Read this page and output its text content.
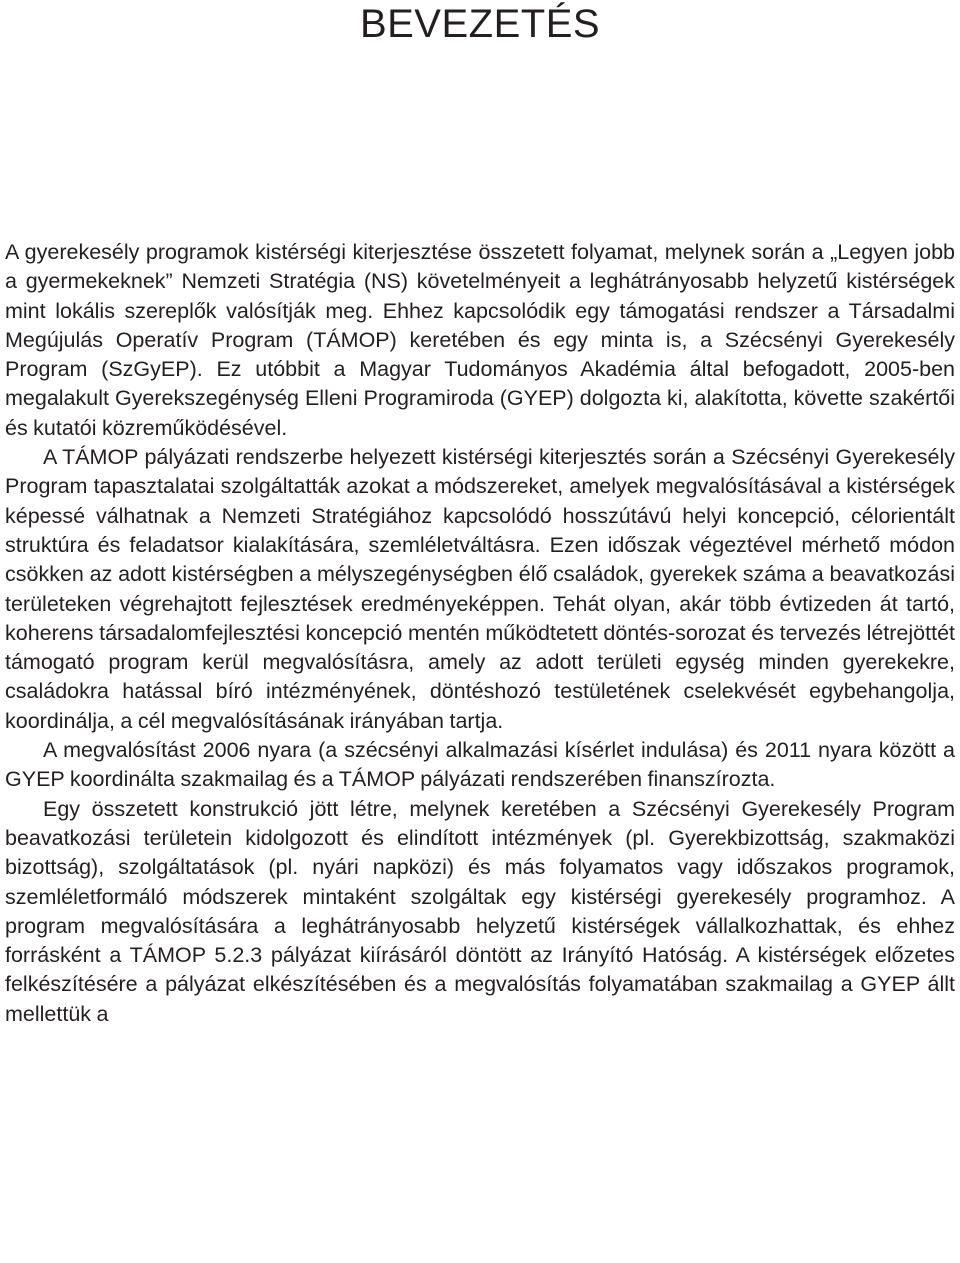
BEVEZETÉS

A gyerekesély programok kistérségi kiterjesztése összetett folyamat, melynek során a „Legyen jobb a gyermekeknek” Nemzeti Stratégia (NS) követelményeit a leghátrányosabb helyzetű kistérségek mint lokális szereplők valósítják meg. Ehhez kapcsolódik egy támogatási rendszer a Társadalmi Megújulás Operatív Program (TÁMOP) keretében és egy minta is, a Szécsényi Gyerekesély Program (SzGyEP). Ez utóbbit a Magyar Tudományos Akadémia által befogadott, 2005-ben megalakult Gyerekszegénység Elleni Programiroda (GYEP) dolgozta ki, alakította, követte szakértői és kutatói közreműködésével.

A TÁMOP pályázati rendszerbe helyezett kistérségi kiterjesztés során a Szécsényi Gyerekesély Program tapasztalatai szolgáltatták azokat a módszereket, amelyek megvalósításával a kistérségek képessé válhatnak a Nemzeti Stratégiához kapcsolódó hosszútávú helyi koncepció, célorientált struktúra és feladatsor kialakítására, szemléletváltásra. Ezen időszak végeztével mérhető módon csökken az adott kistérségben a mélyszegénységben élő családok, gyerekek száma a beavatkozási területeken végrehajtott fejlesztések eredményeképpen. Tehát olyan, akár több évtizeden át tartó, koherens társadalomfejlesztési koncepció mentén működtetett döntés-sorozat és tervezés létrejöttét támogató program kerül megvalósításra, amely az adott területi egység minden gyerekekre, családokra hatással bíró intézményének, döntéshozó testületének cselekvését egybehangolja, koordinálja, a cél megvalósításának irányában tartja.

A megvalósítást 2006 nyara (a szécsényi alkalmazási kísérlet indulása) és 2011 nyara között a GYEP koordinálta szakmailag és a TÁMOP pályázati rendszerében finanszírozta.

Egy összetett konstrukció jött létre, melynek keretében a Szécsényi Gyerekesély Program beavatkozási területein kidolgozott és elindított intézmények (pl. Gyerekbizottság, szakmaközi bizottság), szolgáltatások (pl. nyári napközi) és más folyamatos vagy időszakos programok, szemléletformáló módszerek mintaként szolgáltak egy kistérségi gyerekesély programhoz. A program megvalósítására a leghátrányosabb helyzetű kistérségek vállalkozhattak, és ehhez forrásként a TÁMOP 5.2.3 pályázat kiírásáról döntött az Irányító Hatóság. A kistérségek előzetes felkészítésére a pályázat elkészítésében és a megvalósítás folyamatában szakmailag a GYEP állt mellettük a
